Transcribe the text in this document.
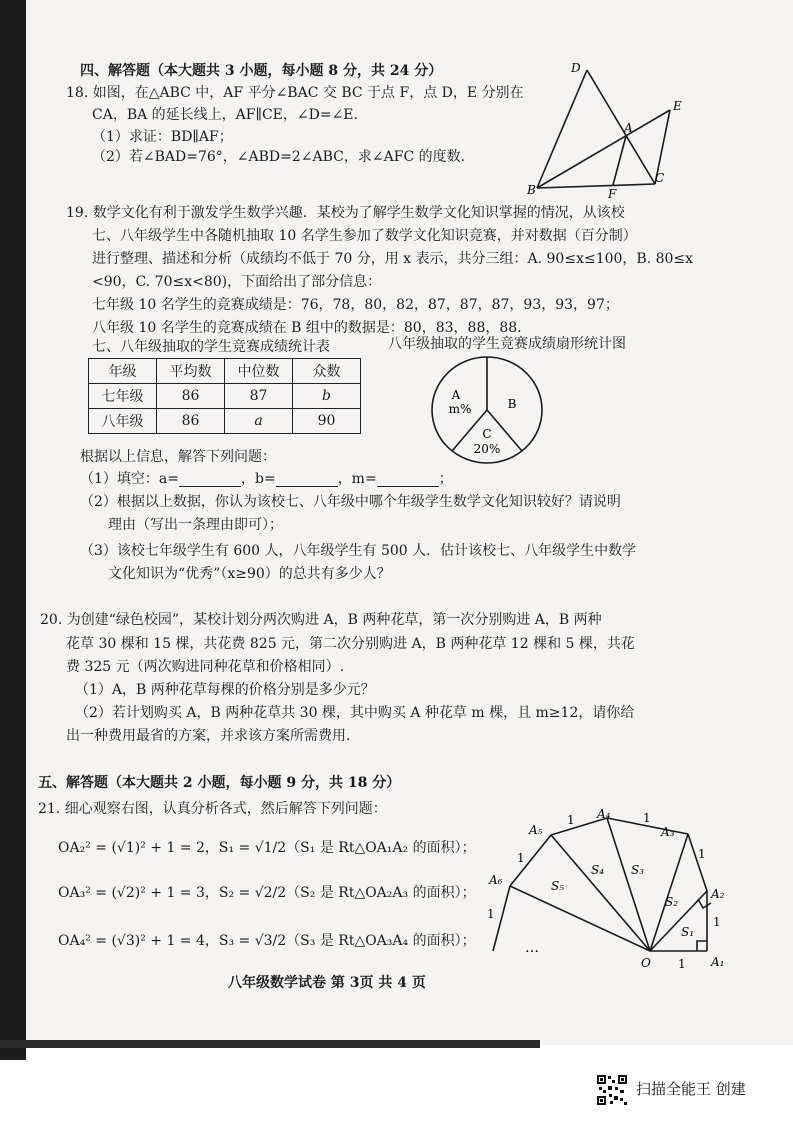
四、解答题（本大题共 3 小题，每小题 8 分，共 24 分）
18. 如图，在△ABC 中，AF 平分∠BAC 交 BC 于点 F，点 D，E 分别在
CA，BA 的延长线上，AF∥CE，∠D=∠E.
（1）求证：BD∥AF；
（2）若∠BAD=76°，∠ABD=2∠ABC，求∠AFC 的度数.
D
E
A
B	F
C
19. 数学文化有利于激发学生数学兴趣．某校为了解学生数学文化知识掌握的情况，从该校
七、八年级学生中各随机抽取 10 名学生参加了数学文化知识竞赛，并对数据（百分制）
进行整理、描述和分析（成绩均不低于 70 分，用 x 表示，共分三组：A. 90≤x≤100，B. 80≤x
<90，C. 70≤x<80)，下面给出了部分信息：
七年级 10 名学生的竞赛成绩是：76，78，80，82，87，87，87，93，93，97；
八年级 10 名学生的竞赛成绩在 B 组中的数据是：80，83，88，88.
七、八年级抽取的学生竞赛成绩统计表	八年级抽取的学生竞赛成绩扇形统计图
年级	平均数	中位数	众数
七年级	86	87	b
八年级	86	a	90
A
m%	B
C
20%
根据以上信息，解答下列问题：
（1）填空：a=	，b=	，m=	；
（2）根据以上数据，你认为该校七、八年级中哪个年级学生数学文化知识较好？请说明
理由（写出一条理由即可）；
（3）该校七年级学生有 600 人，八年级学生有 500 人．估计该校七、八年级学生中数学
文化知识为“优秀”（x≥90）的总共有多少人？
20. 为创建“绿色校园”，某校计划分两次购进 A，B 两种花草，第一次分别购进 A，B 两种
花草 30 棵和 15 棵，共花费 825 元，第二次分别购进 A，B 两种花草 12 棵和 5 棵，共花
费 325 元（两次购进同种花草和价格相同）.
（1）A，B 两种花草每棵的价格分别是多少元？
（2）若计划购买 A，B 两种花草共 30 棵，其中购买 A 种花草 m 棵，且 m≥12，请你给
出一种费用最省的方案，并求该方案所需费用.
五、解答题（本大题共 2 小题，每小题 9 分，共 18 分）
21. 细心观察右图，认真分析各式，然后解答下列问题：
OA₂² = (√1)² + 1 = 2，S₁ = √1/2（S₁ 是 Rt△OA₁A₂ 的面积）；
OA₃² = (√2)² + 1 = 3，S₂ = √2/2（S₂ 是 Rt△OA₂A₃ 的面积）；
OA₄² = (√3)² + 1 = 4，S₃ = √3/2（S₃ 是 Rt△OA₃A₄ 的面积）；
O	A₁
A₂
A₃
A₄
A₅
A₆
S₁
S₂
S₃
S₄
S₅
1
1
1
1
1
1
1
…
八年级数学试卷 第 3页 共 4 页
扫描全能王 创建
